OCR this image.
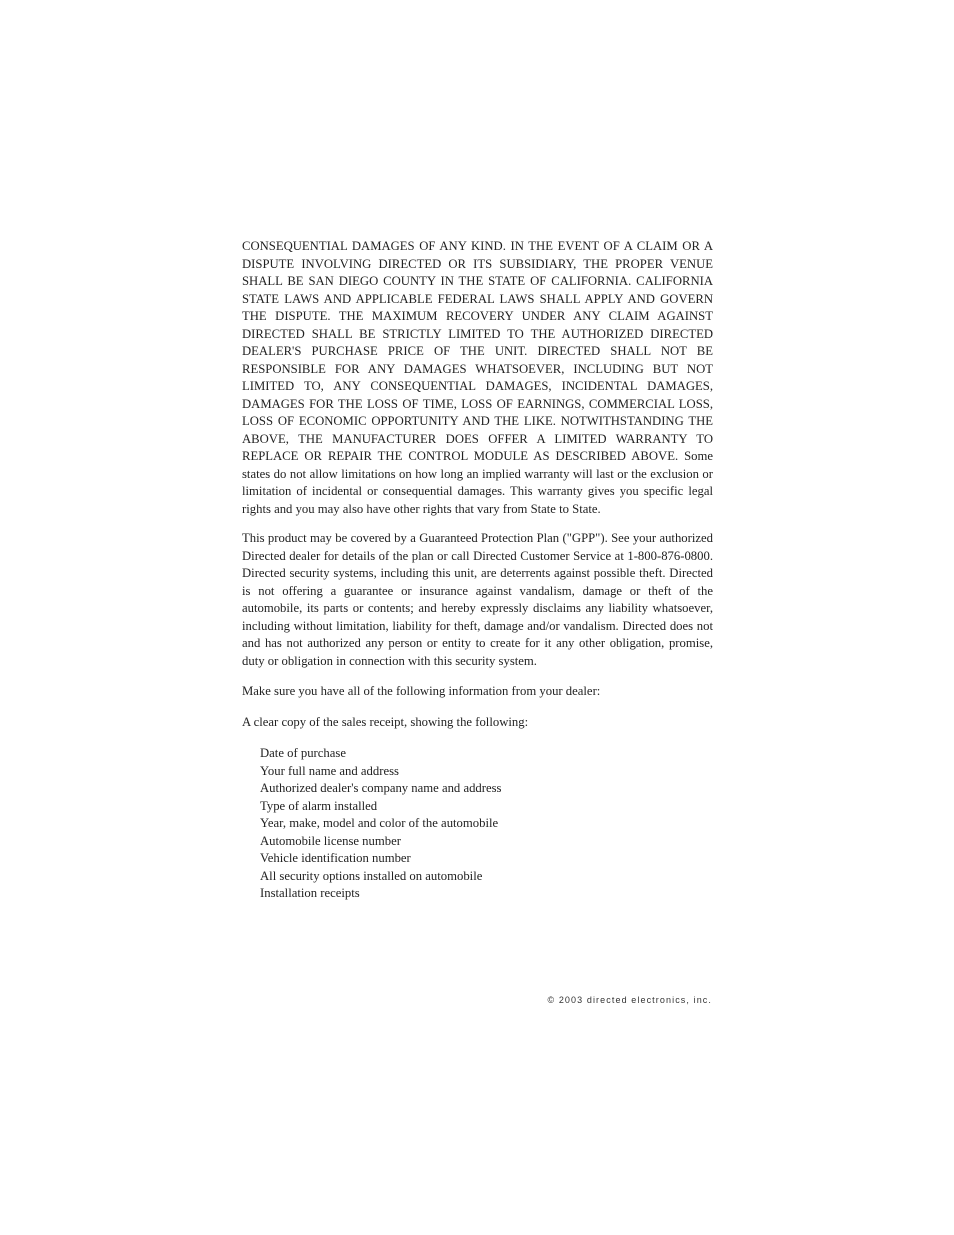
CONSEQUENTIAL DAMAGES OF ANY KIND. IN THE EVENT OF A CLAIM OR A DISPUTE INVOLVING DIRECTED OR ITS SUBSIDIARY, THE PROPER VENUE SHALL BE SAN DIEGO COUNTY IN THE STATE OF CALIFORNIA. CALIFORNIA STATE LAWS AND APPLICABLE FEDERAL LAWS SHALL APPLY AND GOVERN THE DISPUTE. THE MAXIMUM RECOVERY UNDER ANY CLAIM AGAINST DIRECTED SHALL BE STRICTLY LIMITED TO THE AUTHORIZED DIRECTED DEALER'S PURCHASE PRICE OF THE UNIT. DIRECTED SHALL NOT BE RESPONSIBLE FOR ANY DAMAGES WHATSOEVER, INCLUDING BUT NOT LIMITED TO, ANY CONSEQUENTIAL DAMAGES, INCIDENTAL DAMAGES, DAMAGES FOR THE LOSS OF TIME, LOSS OF EARNINGS, COMMERCIAL LOSS, LOSS OF ECONOMIC OPPORTUNITY AND THE LIKE. NOTWITHSTANDING THE ABOVE, THE MANUFACTURER DOES OFFER A LIMITED WARRANTY TO REPLACE OR REPAIR THE CONTROL MODULE AS DESCRIBED ABOVE. Some states do not allow limitations on how long an implied warranty will last or the exclusion or limitation of incidental or consequential damages. This warranty gives you specific legal rights and you may also have other rights that vary from State to State.

This product may be covered by a Guaranteed Protection Plan ("GPP"). See your authorized Directed dealer for details of the plan or call Directed Customer Service at 1-800-876-0800. Directed security systems, including this unit, are deterrents against possible theft. Directed is not offering a guarantee or insurance against vandalism, damage or theft of the automobile, its parts or contents; and hereby expressly disclaims any liability whatsoever, including without limitation, liability for theft, damage and/or vandalism. Directed does not and has not authorized any person or entity to create for it any other obligation, promise, duty or obligation in connection with this security system.

Make sure you have all of the following information from your dealer:

A clear copy of the sales receipt, showing the following:

Date of purchase
Your full name and address
Authorized dealer's company name and address
Type of alarm installed
Year, make, model and color of the automobile
Automobile license number
Vehicle identification number
All security options installed on automobile
Installation receipts
© 2003 directed electronics, inc.
